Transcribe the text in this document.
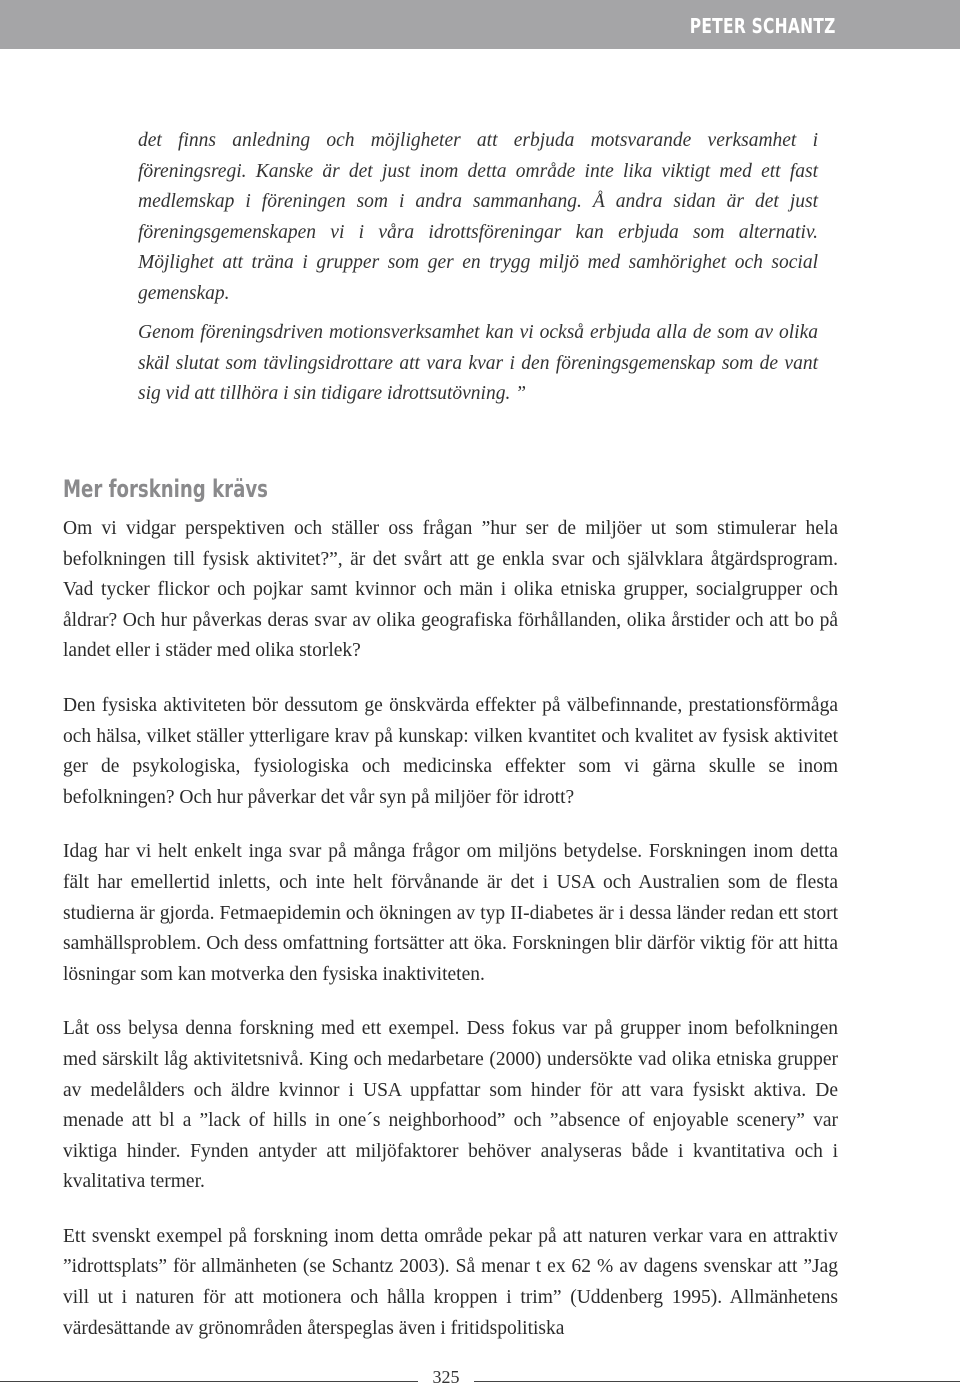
PETER SCHANTZ

det finns anledning och möjligheter att erbjuda motsvarande verksamhet i föreningsregi. Kanske är det just inom detta område inte lika viktigt med ett fast medlemskap i föreningen som i andra sammanhang. Å andra sidan är det just föreningsgemenskapen vi i våra idrottsföreningar kan erbjuda som alternativ. Möjlighet att träna i grupper som ger en trygg miljö med samhörighet och social gemenskap.

Genom föreningsdriven motionsverksamhet kan vi också erbjuda alla de som av olika skäl slutat som tävlingsidrottare att vara kvar i den föreningsgemenskap som de vant sig vid att tillhöra i sin tidigare idrottsutövning. ”

Mer forskning krävs

Om vi vidgar perspektiven och ställer oss frågan ”hur ser de miljöer ut som stimulerar hela befolkningen till fysisk aktivitet?”, är det svårt att ge enkla svar och självklara åtgärdsprogram. Vad tycker flickor och pojkar samt kvinnor och män i olika etniska grupper, socialgrupper och åldrar? Och hur påverkas deras svar av olika geografiska förhållanden, olika årstider och att bo på landet eller i städer med olika storlek?

Den fysiska aktiviteten bör dessutom ge önskvärda effekter på välbefinnande, prestationsförmåga och hälsa, vilket ställer ytterligare krav på kunskap: vilken kvantitet och kvalitet av fysisk aktivitet ger de psykologiska, fysiologiska och medicinska effekter som vi gärna skulle se inom befolkningen? Och hur påverkar det vår syn på miljöer för idrott?

Idag har vi helt enkelt inga svar på många frågor om miljöns betydelse. Forskningen inom detta fält har emellertid inletts, och inte helt förvånande är det i USA och Australien som de flesta studierna är gjorda. Fetmaepidemin och ökningen av typ II-diabetes är i dessa länder redan ett stort samhällsproblem. Och dess omfattning fortsätter att öka. Forskningen blir därför viktig för att hitta lösningar som kan motverka den fysiska inaktiviteten.

Låt oss belysa denna forskning med ett exempel. Dess fokus var på grupper inom befolkningen med särskilt låg aktivitetsnivå. King och medarbetare (2000) undersökte vad olika etniska grupper av medelålders och äldre kvinnor i USA uppfattar som hinder för att vara fysiskt aktiva. De menade att bl a ”lack of hills in one´s neighborhood” och ”absence of enjoyable scenery” var viktiga hinder. Fynden antyder att miljöfaktorer behöver analyseras både i kvantitativa och i kvalitativa termer.

Ett svenskt exempel på forskning inom detta område pekar på att naturen verkar vara en attraktiv ”idrottsplats” för allmänheten (se Schantz 2003). Så menar t ex 62 % av dagens svenskar att ”Jag vill ut i naturen för att motionera och hålla kroppen i trim” (Uddenberg 1995). Allmänhetens värdesättande av grönområden återspeglas även i fritidspolitiska

325
